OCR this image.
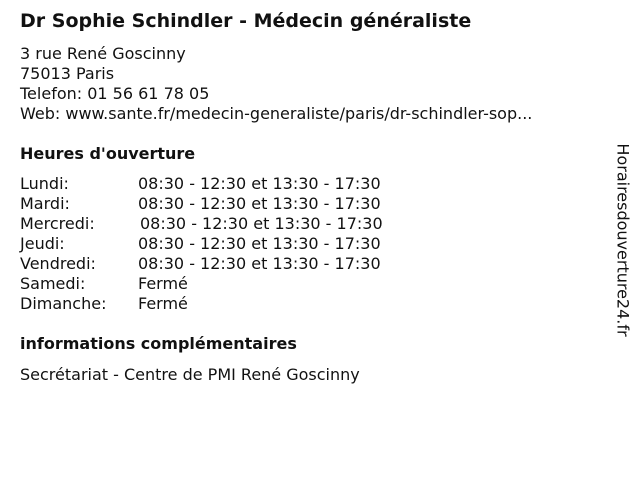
Dr Sophie Schindler - Médecin généraliste
3 rue René Goscinny
75013 Paris
Telefon: 01 56 61 78 05
Web: www.sante.fr/medecin-generaliste/paris/dr-schindler-sop...
Heures d'ouverture
Lundi:	08:30 - 12:30 et 13:30 - 17:30
Mardi:	08:30 - 12:30 et 13:30 - 17:30
Mercredi:	08:30 - 12:30 et 13:30 - 17:30
Jeudi:	08:30 - 12:30 et 13:30 - 17:30
Vendredi:	08:30 - 12:30 et 13:30 - 17:30
Samedi:	Fermé
Dimanche: Fermé
informations complémentaires
Secrétariat - Centre de PMI René Goscinny
Horairesdouverture24.fr
